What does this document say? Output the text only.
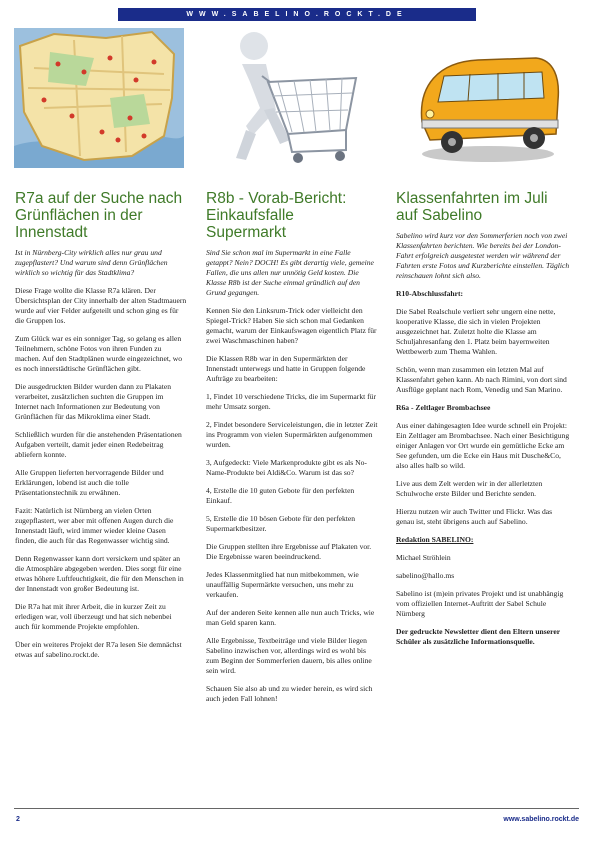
WWW.SABELINO.ROCKT.DE
R7a auf der Suche nach Grünflächen in der Innenstadt

Ist in Nürnberg-City wirklich alles nur grau und zugepflastert? Und warum sind denn Grünflächen wirklich so wichtig für das Stadtklima?

Diese Frage wollte die Klasse R7a klären. Der Übersichtsplan der City innerhalb der alten Stadtmauern wurde auf vier Felder aufgeteilt und schon ging es für die Gruppen los.

Zum Glück war es ein sonniger Tag, so gelang es allen Teilnehmern, schöne Fotos von ihren Funden zu machen. Auf den Stadtplänen wurde eingezeichnet, wo es noch innerstädtische Grünflächen gibt.

Die ausgedruckten Bilder wurden dann zu Plakaten verarbeitet, zusätzlichen suchten die Gruppen im Internet nach Informationen zur Bedeutung von Grünflächen für das Mikroklima einer Stadt.

Schließlich wurden für die anstehenden Präsentationen Aufgaben verteilt, damit jeder einen Redebeitrag abliefern konnte.

Alle Gruppen lieferten hervorragende Bilder und Erklärungen, lobend ist auch die tolle Präsentationstechnik zu erwähnen.

Fazit: Natürlich ist Nürnberg an vielen Orten zugepflastert, wer aber mit offenen Augen durch die Innenstadt läuft, wird immer wieder kleine Oasen finden, die auch für das Regenwasser wichtig sind.

Denn Regenwasser kann dort versickern und später an die Atmosphäre abgegeben werden. Dies sorgt für eine etwas höhere Luftfeuchtigkeit, die für den Menschen in der Innenstadt von großer Bedeutung ist.

Die R7a hat mit ihrer Arbeit, die in kurzer Zeit zu erledigen war, voll überzeugt und hat sich nebenbei auch für kommende Projekte empfohlen.

Über ein weiteres Projekt der R7a lesen Sie demnächst etwas auf sabelino.rockt.de.

R8b - Vorab-Bericht: Einkaufsfalle Supermarkt

Sind Sie schon mal im Supermarkt in eine Falle getappt? Nein? DOCH! Es gibt derartig viele, gemeine Fallen, die uns allen nur unnötig Geld kosten. Die Klasse R8b ist der Suche einmal gründlich auf den Grund gegangen.

Kennen Sie den Linksrum-Trick oder vielleicht den Spiegel-Trick? Haben Sie sich schon mal Gedanken gemacht, warum der Einkaufswagen eigentlich Platz für zwei Waschmaschinen haben?

Die Klassen R8b war in den Supermärkten der Innenstadt unterwegs und hatte in Gruppen folgende Aufträge zu bearbeiten:

1, Findet 10 verschiedene Tricks, die im Supermarkt für mehr Umsatz sorgen.

2, Findet besondere Serviceleistungen, die in letzter Zeit ins Programm von vielen Supermärkten aufgenommen wurden.

3, Aufgedeckt: Viele Markenprodukte gibt es als No-Name-Produkte bei Aldi&Co. Warum ist das so?

4, Erstelle die 10 guten Gebote für den perfekten Einkauf.

5, Erstelle die 10 bösen Gebote für den perfekten Supermarktbesitzer.

Die Gruppen stellten ihre Ergebnisse auf Plakaten vor. Die Ergebnisse waren beeindruckend.

Jedes Klassenmitglied hat nun mitbekommen, wie unauffällig Supermärkte versuchen, uns mehr zu verkaufen.

Auf der anderen Seite kennen alle nun auch Tricks, wie man Geld sparen kann.

Alle Ergebnisse, Textbeiträge und viele Bilder liegen Sabelino inzwischen vor, allerdings wird es wohl bis zum Beginn der Sommerferien dauern, bis alles online sein wird.

Schauen Sie also ab und zu wieder herein, es wird sich auch jeden Fall lohnen!

Klassenfahrten im Juli auf Sabelino

Sabelino wird kurz vor den Sommerferien noch von zwei Klassenfahrten berichten. Wie bereits bei der London-Fahrt erfolgreich ausgetestet werden wir während der Fahrten erste Fotos und Kurzberichte einstellen. Täglich reinschauen lohnt sich also.

R10-Abschlussfahrt:

Die Sabel Realschule verliert sehr ungern eine nette, kooperative Klasse, die sich in vielen Projekten ausgezeichnet hat. Zuletzt holte die Klasse am Schuljahresanfang den 1. Platz beim bayernweiten Wettbewerb zum Thema Wahlen.

Schön, wenn man zusammen ein letzten Mal auf Klassenfahrt gehen kann. Ab nach Rimini, von dort sind Ausflüge geplant nach Rom, Venedig und San Marino.

R6a - Zeltlager Brombachsee

Aus einer dahingesagten Idee wurde schnell ein Projekt: Ein Zeltlager am Brombachsee. Nach einer Besichtigung einiger Anlagen vor Ort wurde ein gemütliche Ecke am See gefunden, um die Ecke ein Haus mit Dusche&Co, also alles halb so wild.

Live aus dem Zelt werden wir in der allerletzten Schulwoche erste Bilder und Berichte senden.

Hierzu nutzen wir auch Twitter und Flickr. Was das genau ist, steht übrigens auch auf Sabelino.

Redaktion SABELINO:

Michael Ströhlein

sabelino@hallo.ms

Sabelino ist (m)ein privates Projekt und ist unabhängig vom offiziellen Internet-Auftritt der Sabel Schule Nürnberg

Der gedruckte Newsletter dient den Eltern unserer Schüler als zusätzliche Informationsquelle.

2	www.sabelino.rockt.de
